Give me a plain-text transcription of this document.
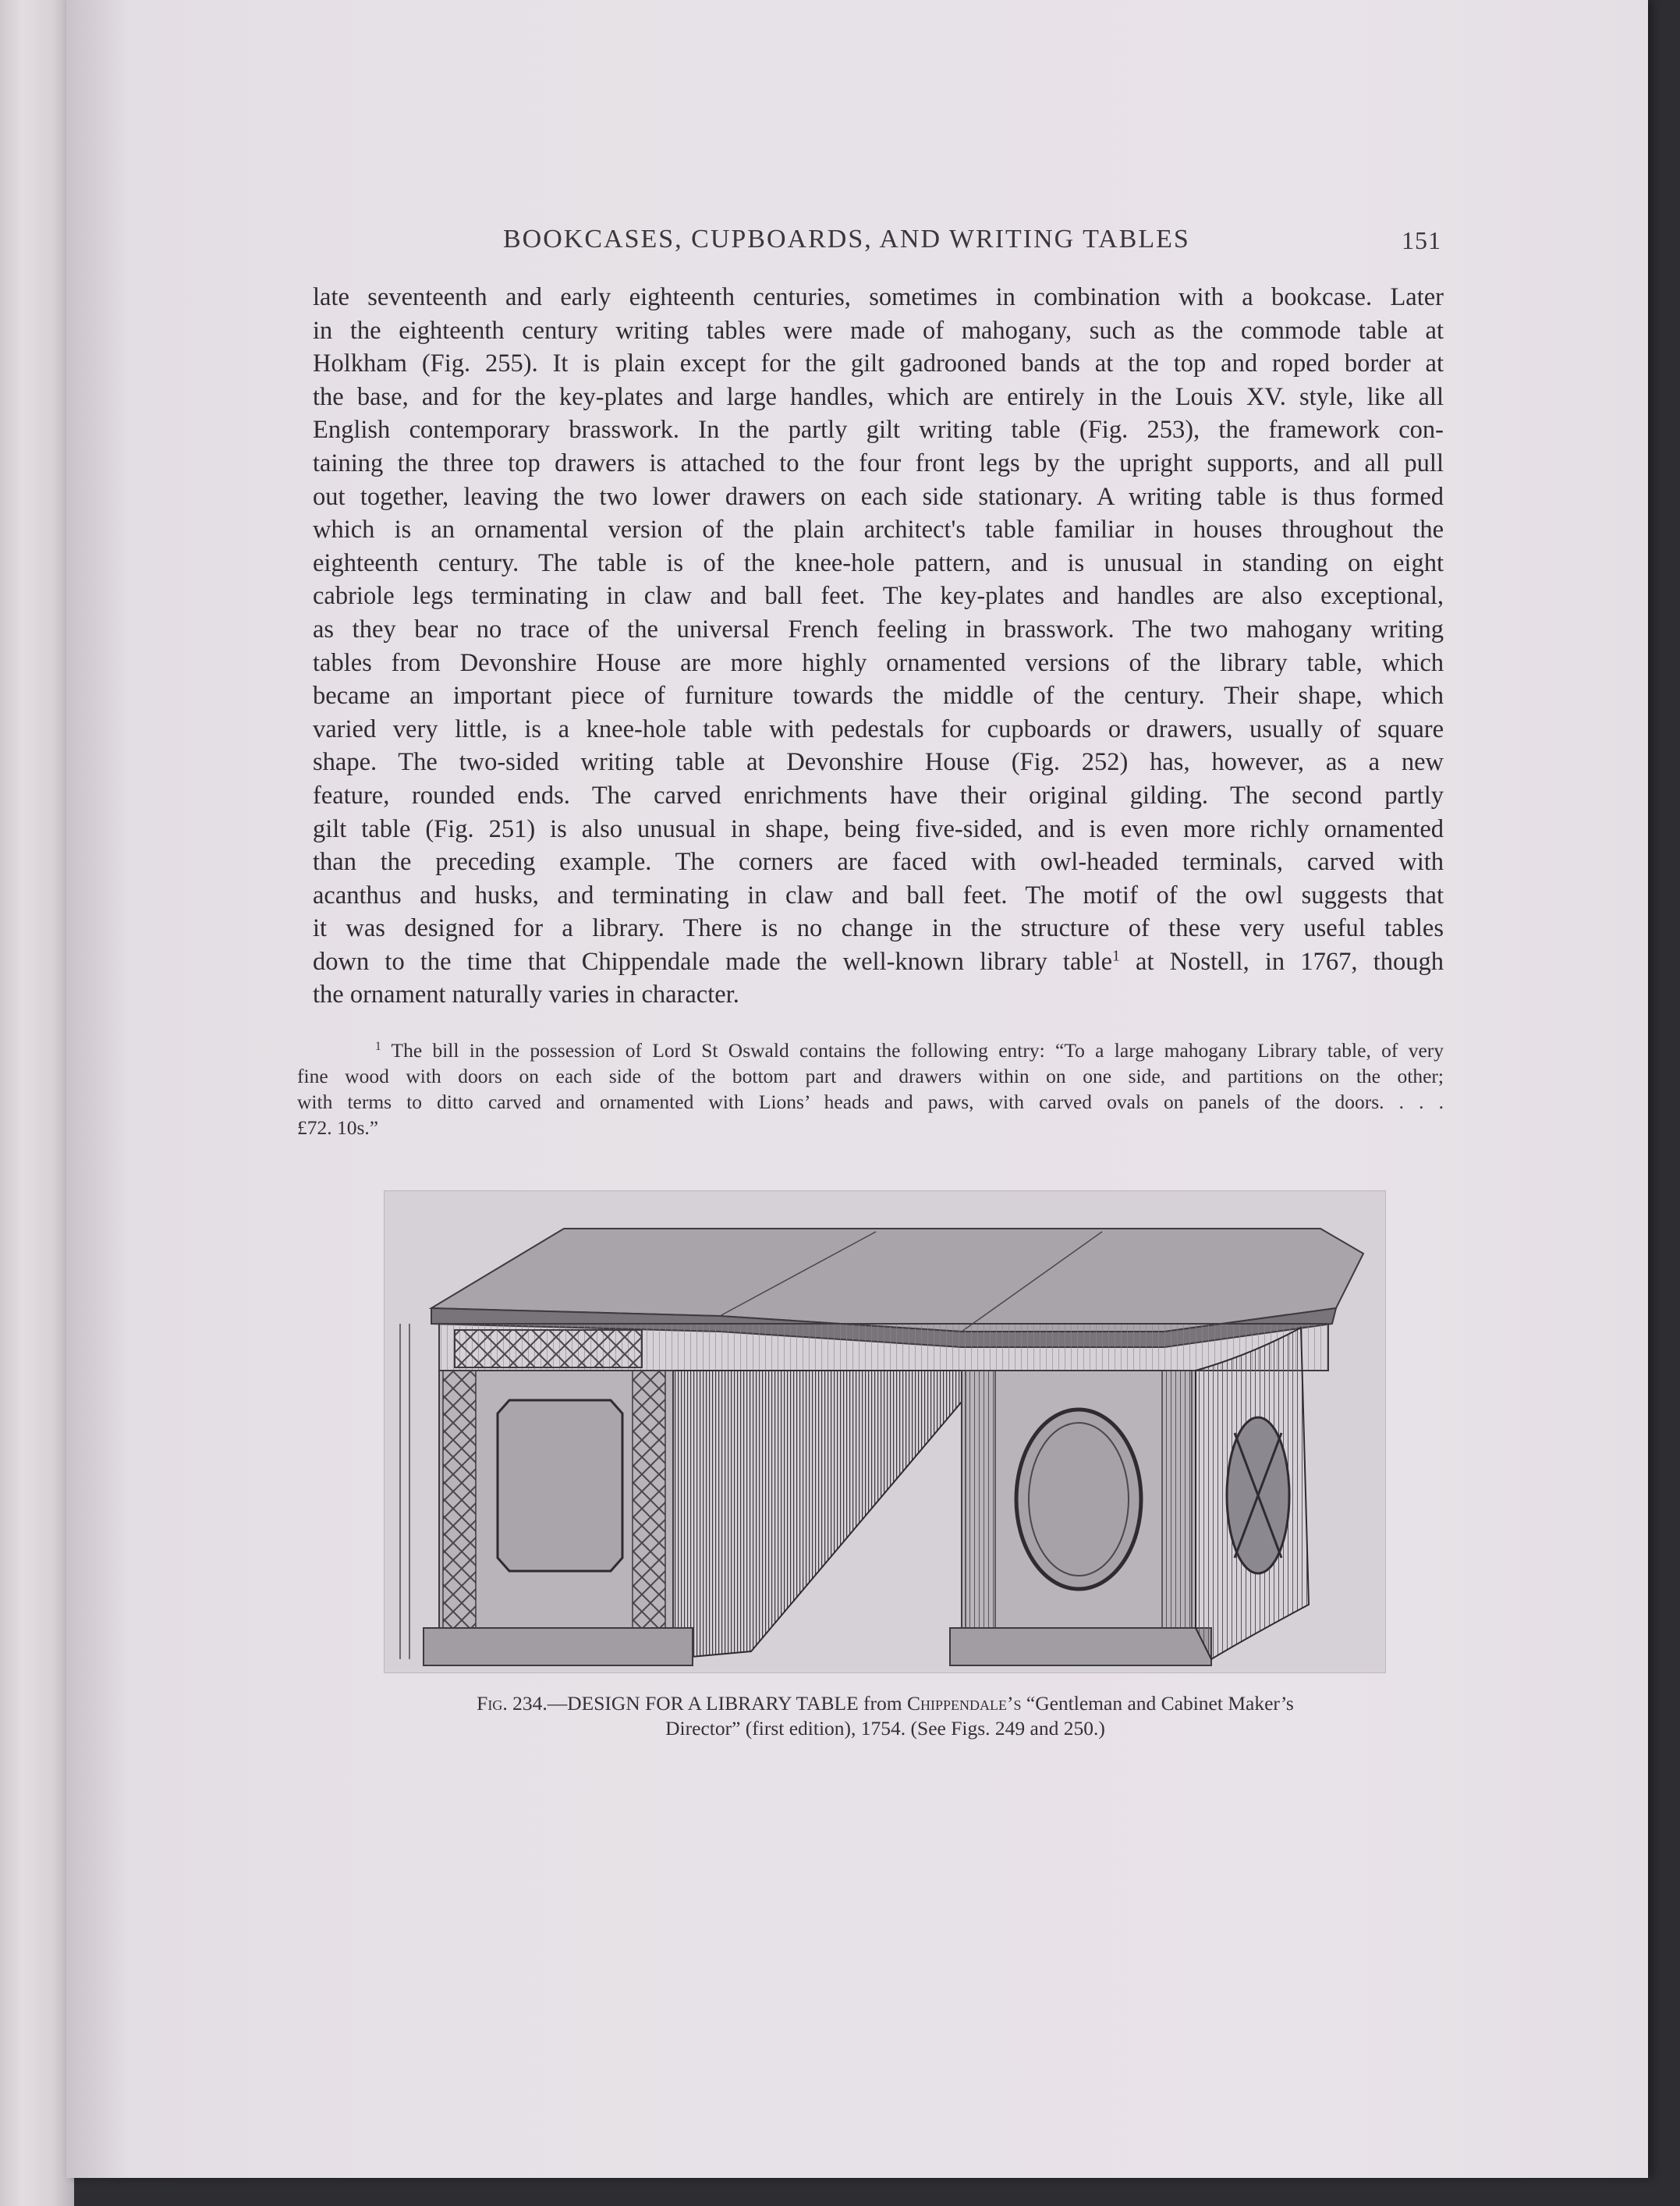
BOOKCASES, CUPBOARDS, AND WRITING TABLES	151
late seventeenth and early eighteenth centuries, sometimes in combination with a bookcase. Later
in the eighteenth century writing tables were made of mahogany, such as the commode table at
Holkham (Fig. 255). It is plain except for the gilt gadrooned bands at the top and roped border at
the base, and for the key-plates and large handles, which are entirely in the Louis XV. style, like all
English contemporary brasswork. In the partly gilt writing table (Fig. 253), the framework con-
taining the three top drawers is attached to the four front legs by the upright supports, and all pull
out together, leaving the two lower drawers on each side stationary. A writing table is thus formed
which is an ornamental version of the plain architect's table familiar in houses throughout the
eighteenth century. The table is of the knee-hole pattern, and is unusual in standing on eight
cabriole legs terminating in claw and ball feet. The key-plates and handles are also exceptional,
as they bear no trace of the universal French feeling in brasswork. The two mahogany writing
tables from Devonshire House are more highly ornamented versions of the library table, which
became an important piece of furniture towards the middle of the century. Their shape, which
varied very little, is a knee-hole table with pedestals for cupboards or drawers, usually of square
shape. The two-sided writing table at Devonshire House (Fig. 252) has, however, as a new
feature, rounded ends. The carved enrichments have their original gilding. The second partly
gilt table (Fig. 251) is also unusual in shape, being five-sided, and is even more richly ornamented
than the preceding example. The corners are faced with owl-headed terminals, carved with
acanthus and husks, and terminating in claw and ball feet. The motif of the owl suggests that
it was designed for a library. There is no change in the structure of these very useful tables
down to the time that Chippendale made the well-known library table$^1$ at Nostell, in 1767, though
the ornament naturally varies in character.
$^1$ The bill in the possession of Lord St Oswald contains the following entry: “To a large mahogany Library table, of very
fine wood with doors on each side of the bottom part and drawers within on one side, and partitions on the other;
with terms to ditto carved and ornamented with Lions’ heads and paws, with carved ovals on panels of the doors. . . .
£72. 10s.”
Fig. 234.—DESIGN FOR A LIBRARY TABLE from Chippendale’s “Gentleman and Cabinet Maker’s
Director” (first edition), 1754. (See Figs. 249 and 250.)
